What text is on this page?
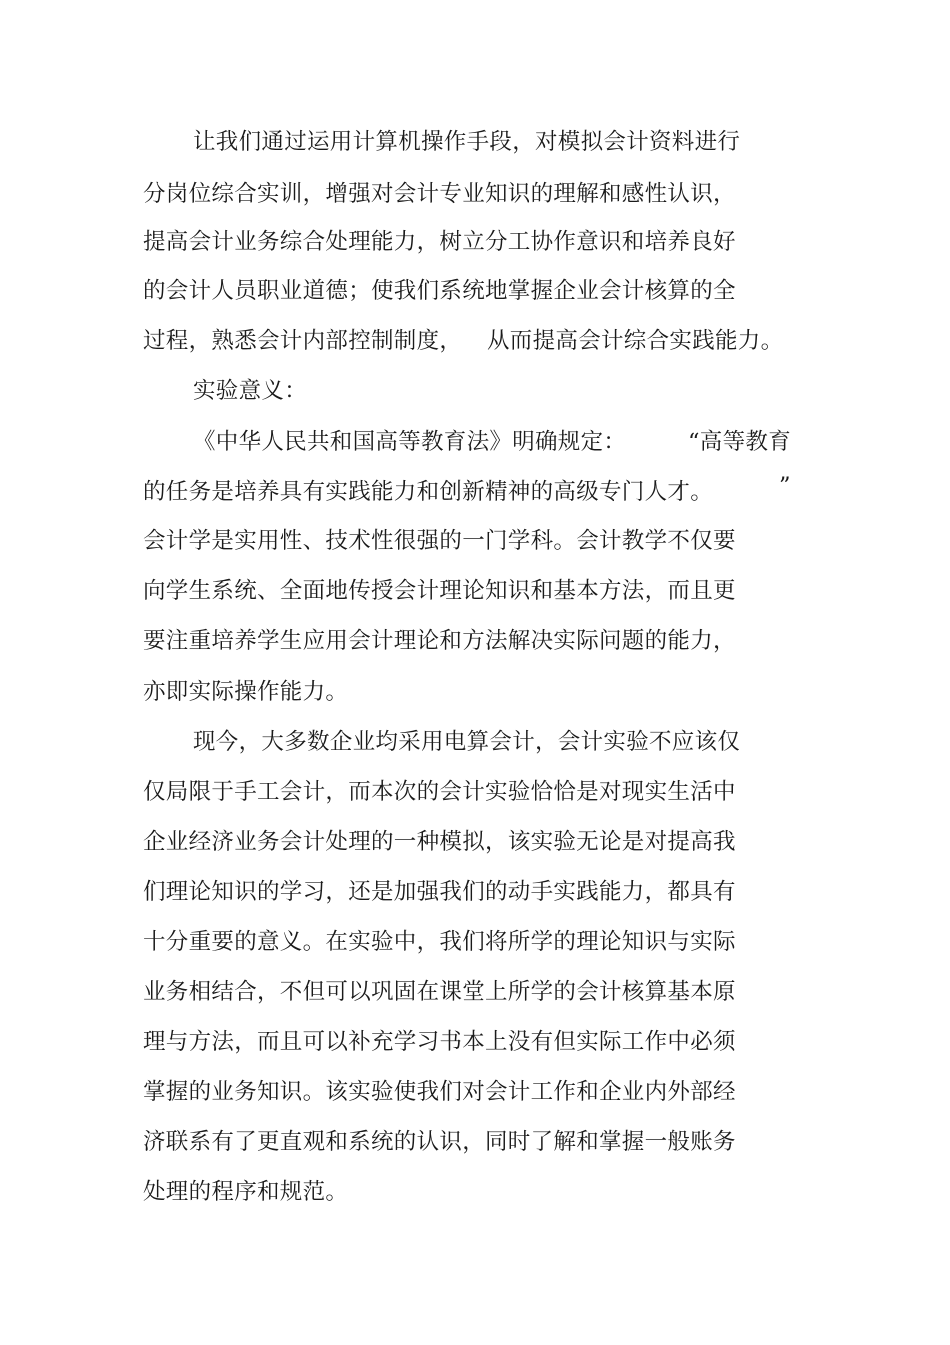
让我们通过运用计算机操作手段，对模拟会计资料进行
分岗位综合实训，增强对会计专业知识的理解和感性认识，
提高会计业务综合处理能力，树立分工协作意识和培养良好
的会计人员职业道德；使我们系统地掌握企业会计核算的全
过程，熟悉会计内部控制制度， 从而提高会计综合实践能力。
实验意义：
《中华人民共和国高等教育法》明确规定：	“高等教育
的任务是培养具有实践能力和创新精神的高级专门人才。	”
会计学是实用性、技术性很强的一门学科。会计教学不仅要
向学生系统、全面地传授会计理论知识和基本方法，而且更
要注重培养学生应用会计理论和方法解决实际问题的能力，
亦即实际操作能力。
现今，大多数企业均采用电算会计，会计实验不应该仅
仅局限于手工会计，而本次的会计实验恰恰是对现实生活中
企业经济业务会计处理的一种模拟，该实验无论是对提高我
们理论知识的学习，还是加强我们的动手实践能力，都具有
十分重要的意义。在实验中，我们将所学的理论知识与实际
业务相结合，不但可以巩固在课堂上所学的会计核算基本原
理与方法，而且可以补充学习书本上没有但实际工作中必须
掌握的业务知识。该实验使我们对会计工作和企业内外部经
济联系有了更直观和系统的认识，同时了解和掌握一般账务
处理的程序和规范。
